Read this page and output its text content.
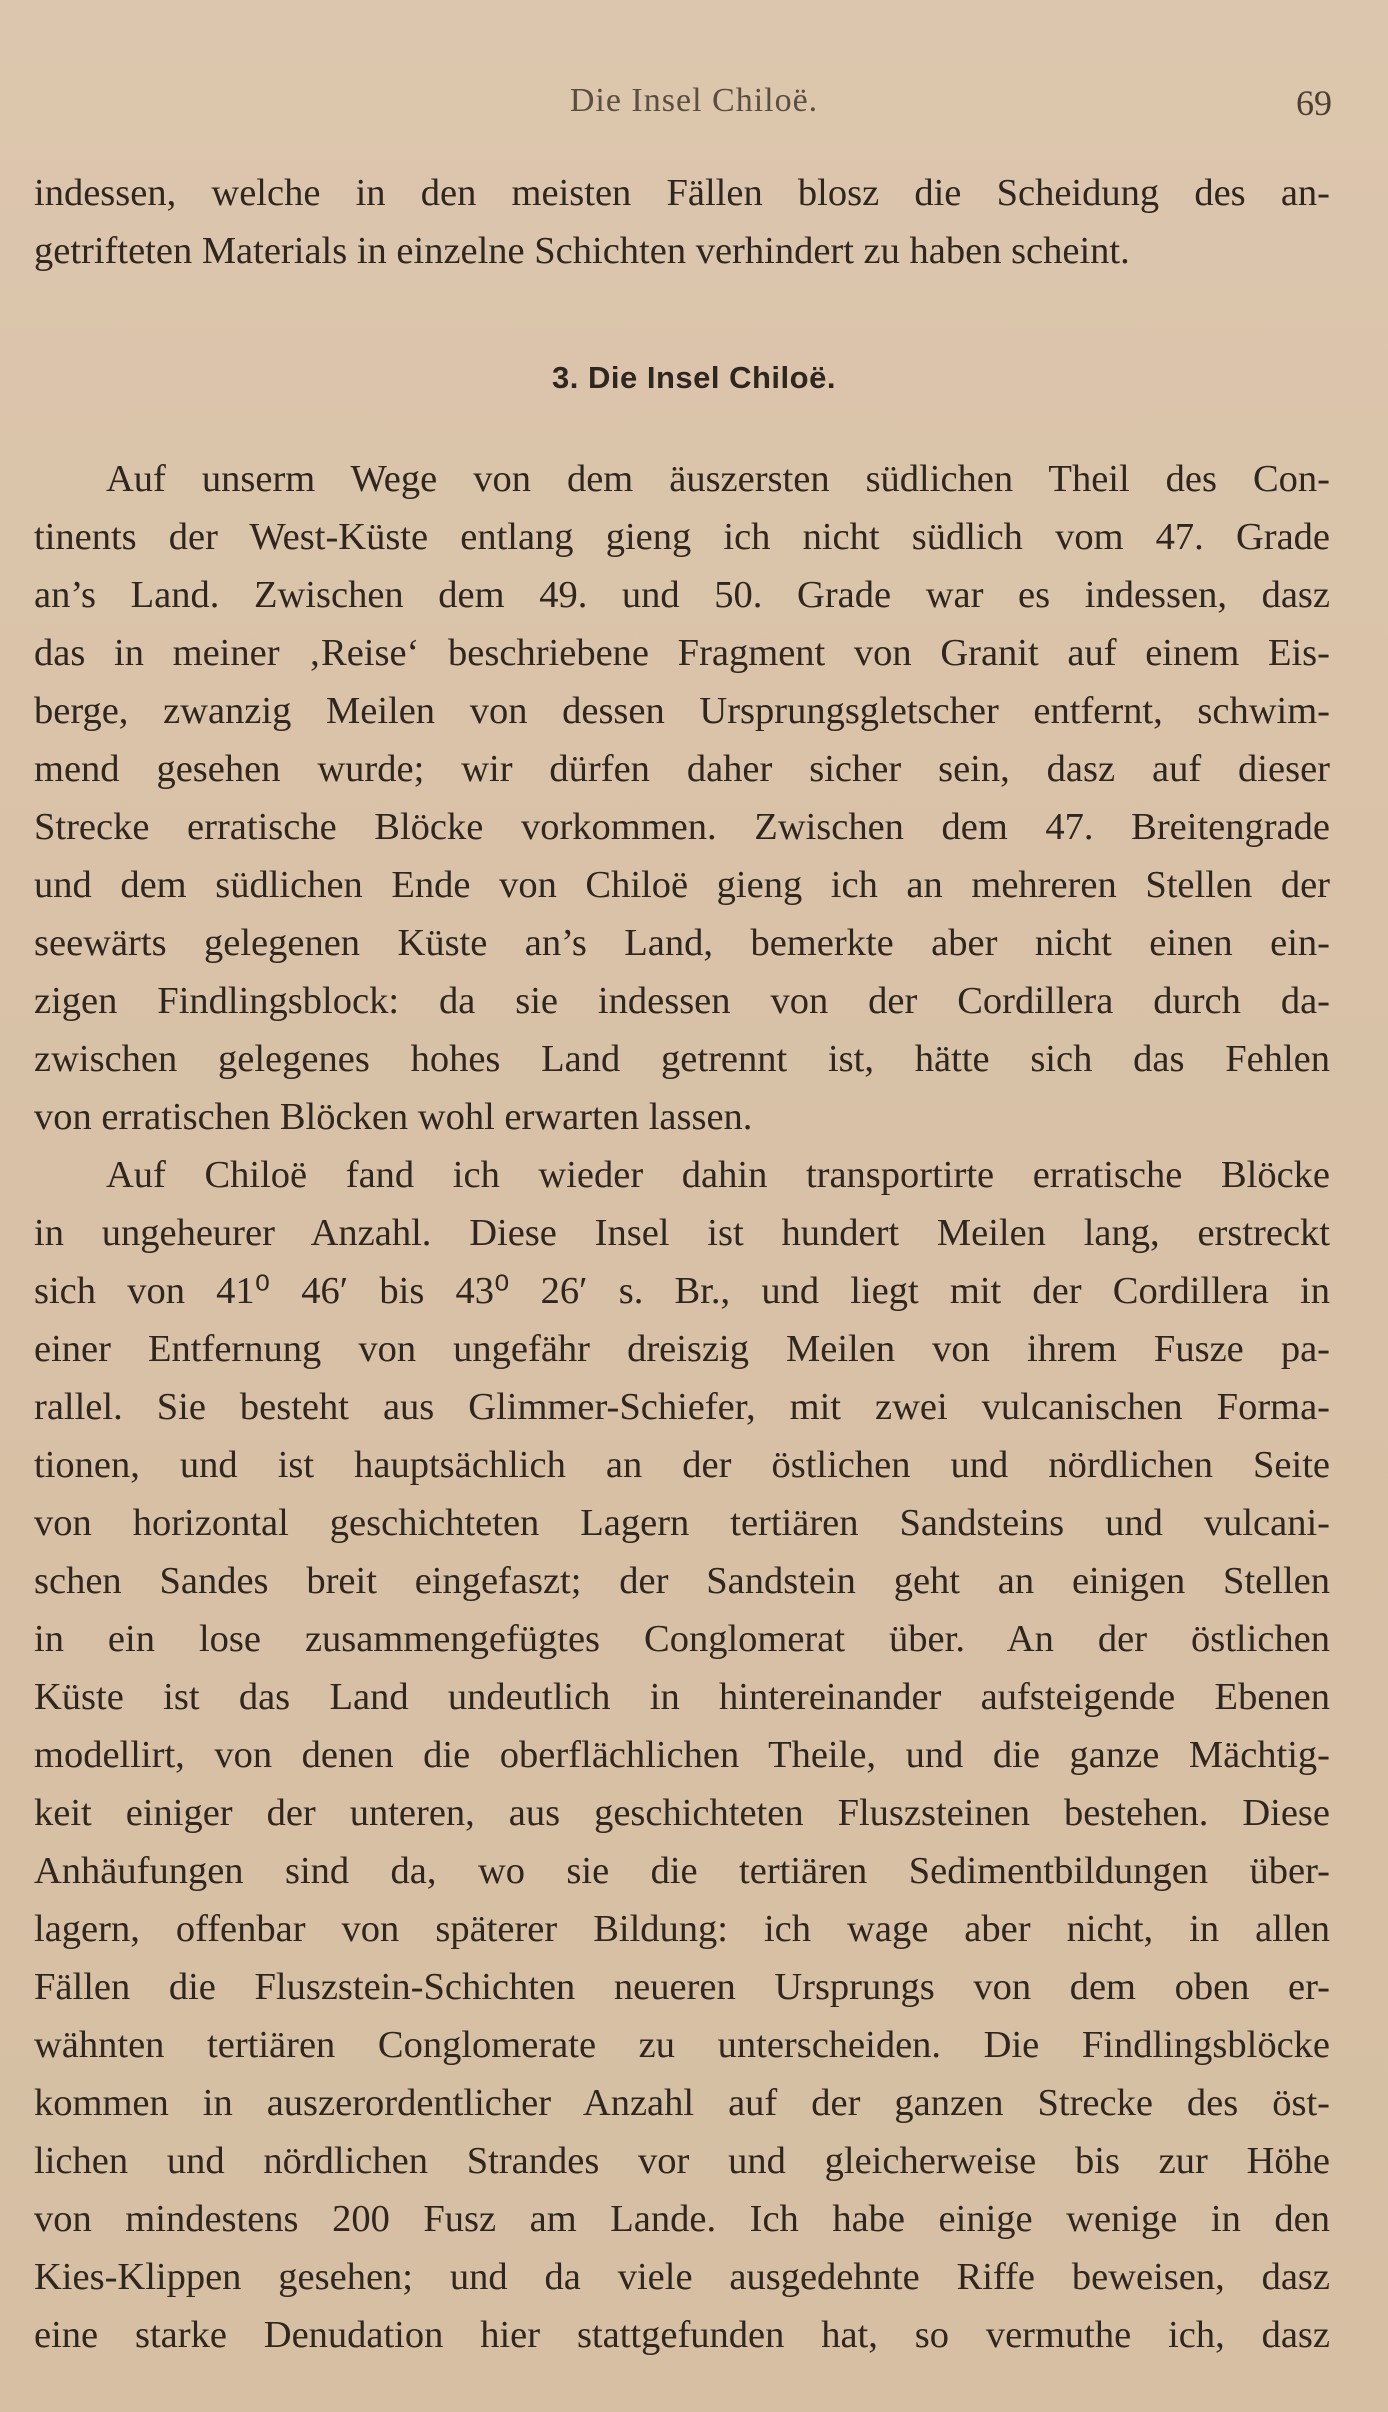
Die Insel Chiloë.	69
indessen, welche in den meisten Fällen blosz die Scheidung des an-
getrifteten Materials in einzelne Schichten verhindert zu haben scheint.
3. Die Insel Chiloë.
Auf unserm Wege von dem äuszersten südlichen Theil des Con-
tinents der West-Küste entlang gieng ich nicht südlich vom 47. Grade
an’s Land. Zwischen dem 49. und 50. Grade war es indessen, dasz
das in meiner ‚Reise‘ beschriebene Fragment von Granit auf einem Eis-
berge, zwanzig Meilen von dessen Ursprungsgletscher entfernt, schwim-
mend gesehen wurde; wir dürfen daher sicher sein, dasz auf dieser
Strecke erratische Blöcke vorkommen. Zwischen dem 47. Breitengrade
und dem südlichen Ende von Chiloë gieng ich an mehreren Stellen der
seewärts gelegenen Küste an’s Land, bemerkte aber nicht einen ein-
zigen Findlingsblock: da sie indessen von der Cordillera durch da-
zwischen gelegenes hohes Land getrennt ist, hätte sich das Fehlen
von erratischen Blöcken wohl erwarten lassen.
Auf Chiloë fand ich wieder dahin transportirte erratische Blöcke
in ungeheurer Anzahl. Diese Insel ist hundert Meilen lang, erstreckt
sich von 41⁰ 46′ bis 43⁰ 26′ s. Br., und liegt mit der Cordillera in
einer Entfernung von ungefähr dreiszig Meilen von ihrem Fusze pa-
rallel. Sie besteht aus Glimmer-Schiefer, mit zwei vulcanischen Forma-
tionen, und ist hauptsächlich an der östlichen und nördlichen Seite
von horizontal geschichteten Lagern tertiären Sandsteins und vulcani-
schen Sandes breit eingefaszt; der Sandstein geht an einigen Stellen
in ein lose zusammengefügtes Conglomerat über. An der östlichen
Küste ist das Land undeutlich in hintereinander aufsteigende Ebenen
modellirt, von denen die oberflächlichen Theile, und die ganze Mächtig-
keit einiger der unteren, aus geschichteten Fluszsteinen bestehen. Diese
Anhäufungen sind da, wo sie die tertiären Sedimentbildungen über-
lagern, offenbar von späterer Bildung: ich wage aber nicht, in allen
Fällen die Fluszstein-Schichten neueren Ursprungs von dem oben er-
wähnten tertiären Conglomerate zu unterscheiden. Die Findlingsblöcke
kommen in auszerordentlicher Anzahl auf der ganzen Strecke des öst-
lichen und nördlichen Strandes vor und gleicherweise bis zur Höhe
von mindestens 200 Fusz am Lande. Ich habe einige wenige in den
Kies-Klippen gesehen; und da viele ausgedehnte Riffe beweisen, dasz
eine starke Denudation hier stattgefunden hat, so vermuthe ich, dasz
